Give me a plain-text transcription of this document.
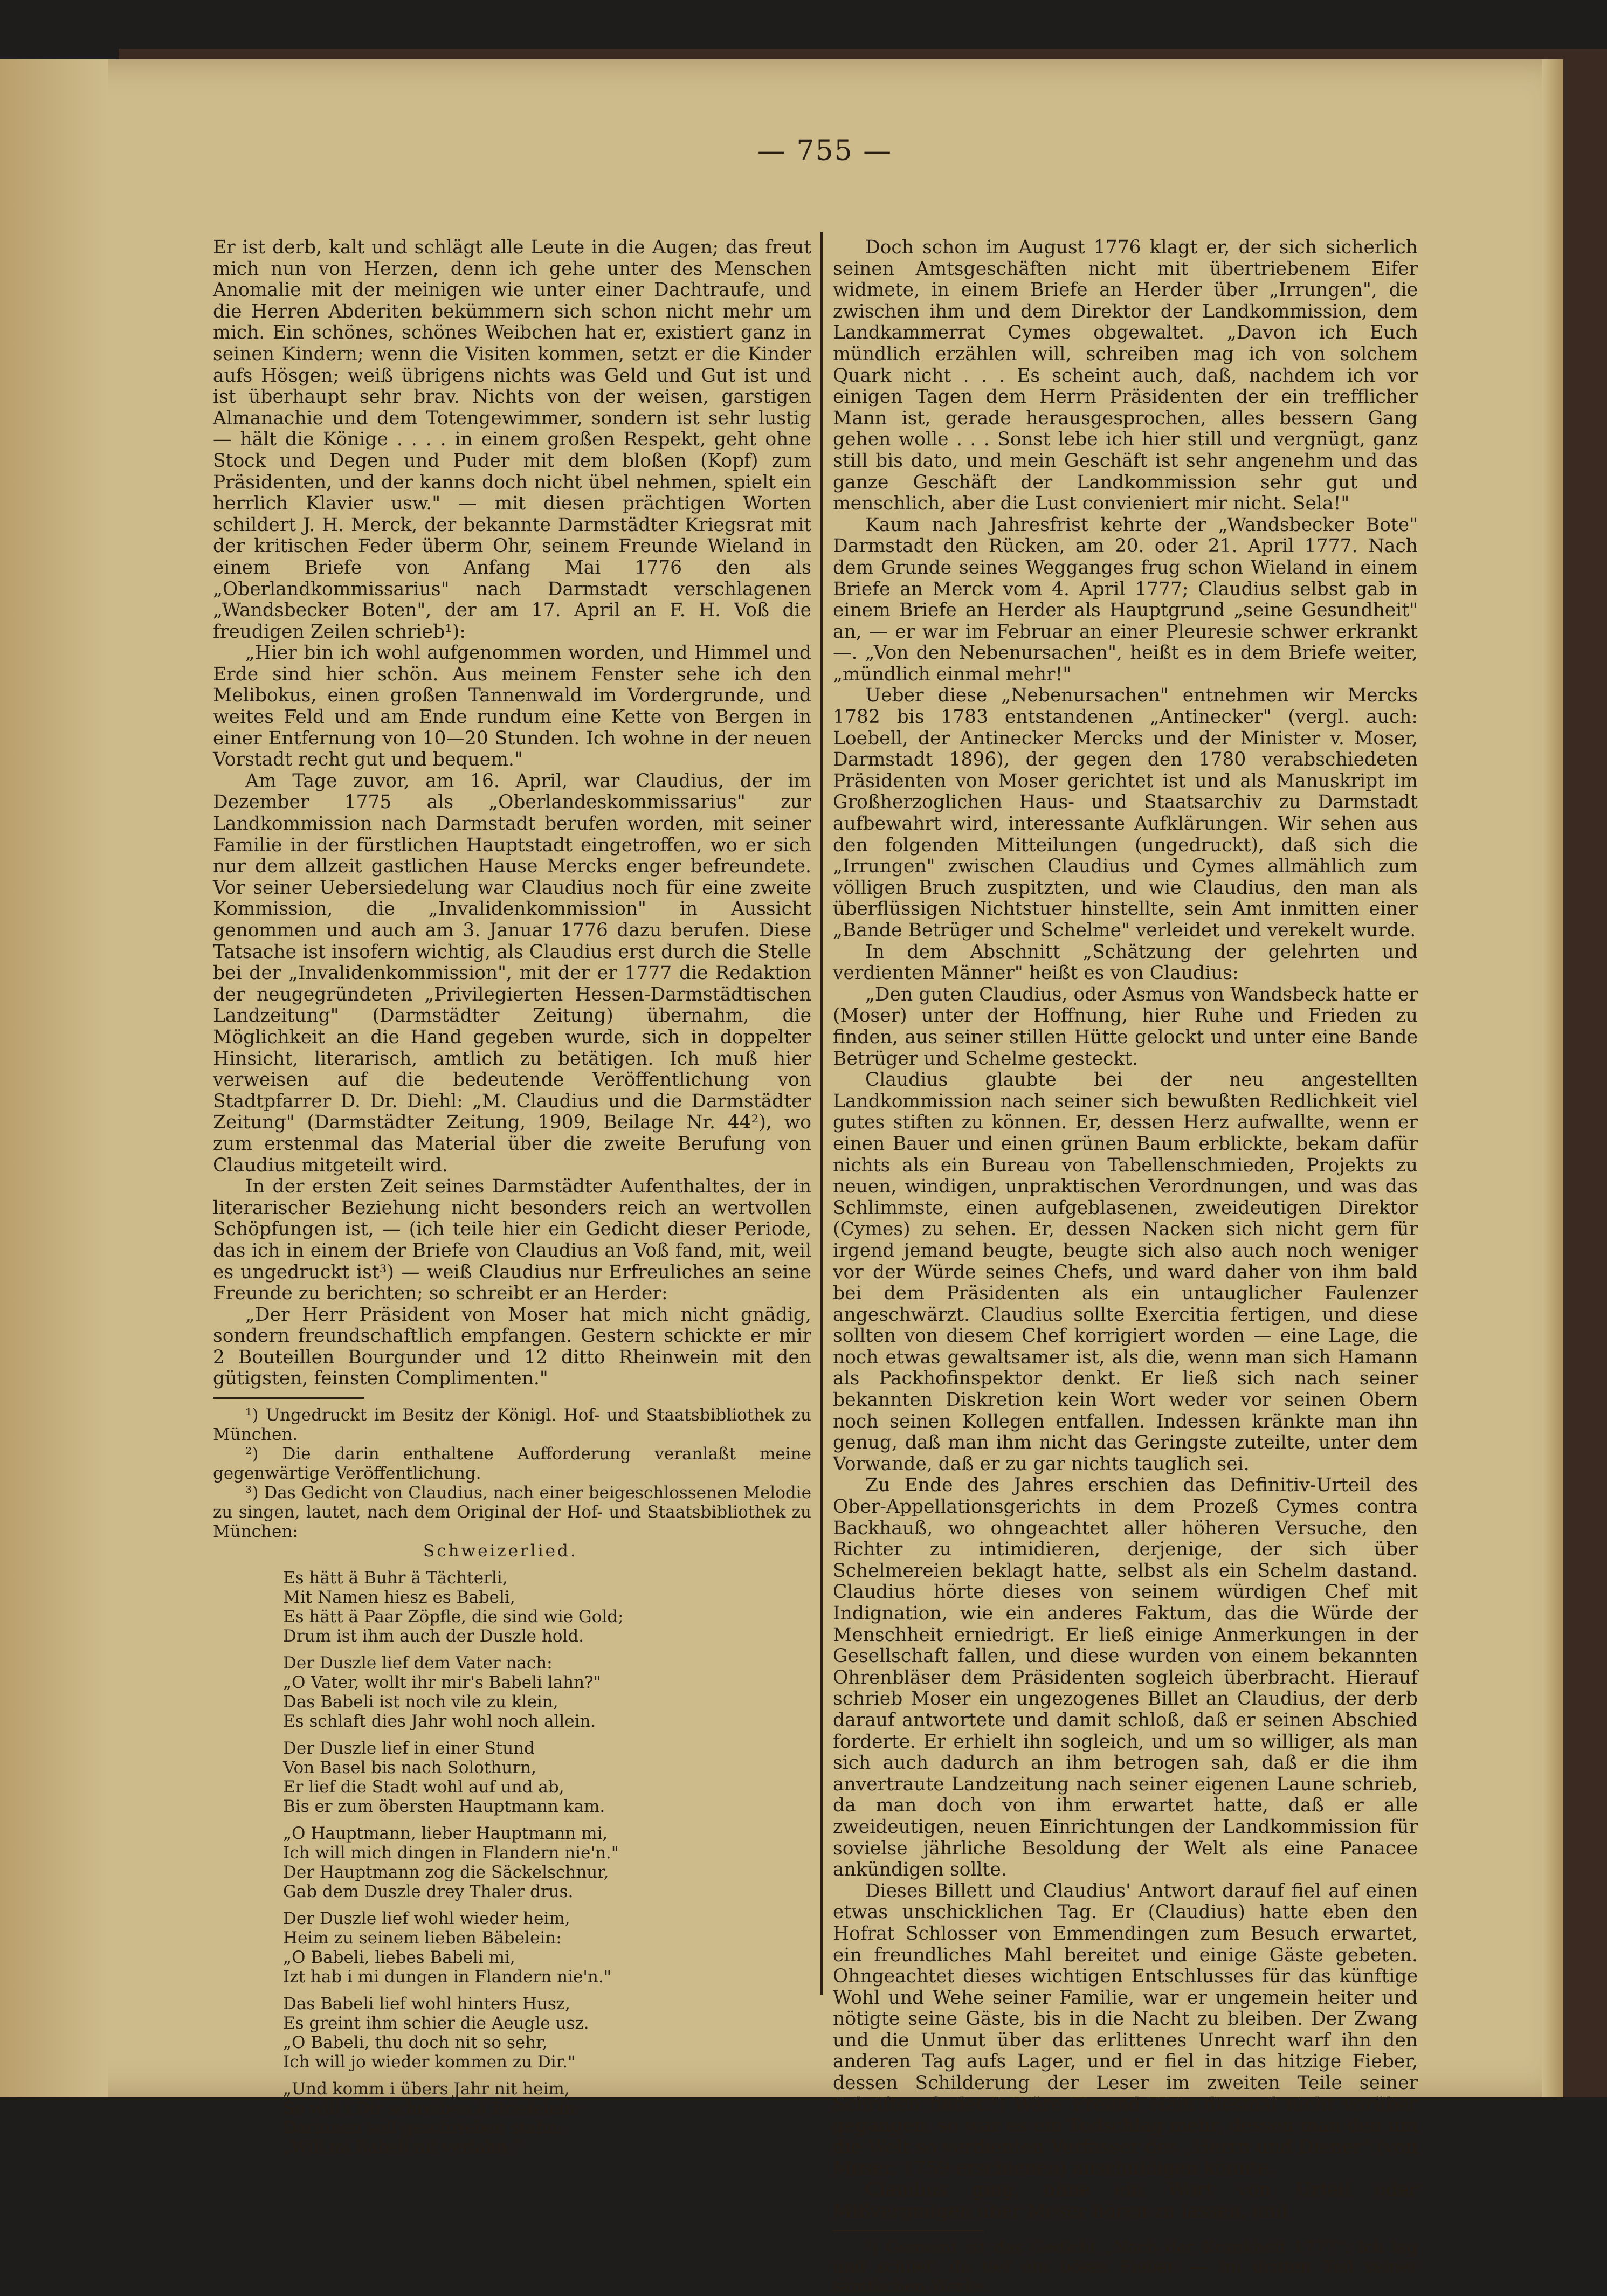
— 755 —

Er ist derb, kalt und schlägt alle Leute in die Augen; das freut mich nun von Herzen, denn ich gehe unter des Menschen Anomalie mit der meinigen wie unter einer Dachtraufe, und die Herren Abderiten bekümmern sich schon nicht mehr um mich. Ein schönes, schönes Weibchen hat er, existiert ganz in seinen Kindern; wenn die Visiten kommen, setzt er die Kinder aufs Hösgen; weiß übrigens nichts was Geld und Gut ist und ist überhaupt sehr brav. Nichts von der weisen, garstigen Almanachie und dem Totengewimmer, sondern ist sehr lustig — hält die Könige . . . . in einem großen Respekt, geht ohne Stock und Degen und Puder mit dem bloßen (Kopf) zum Präsidenten, und der kanns doch nicht übel nehmen, spielt ein herrlich Klavier usw." — mit diesen prächtigen Worten schildert J. H. Merck, der bekannte Darmstädter Kriegsrat mit der kritischen Feder überm Ohr, seinem Freunde Wieland in einem Briefe von Anfang Mai 1776 den als „Oberlandkommissarius" nach Darmstadt verschlagenen „Wandsbecker Boten", der am 17. April an F. H. Voß die freudigen Zeilen schrieb¹):

„Hier bin ich wohl aufgenommen worden, und Himmel und Erde sind hier schön. Aus meinem Fenster sehe ich den Melibokus, einen großen Tannenwald im Vordergrunde, und weites Feld und am Ende rundum eine Kette von Bergen in einer Entfernung von 10—20 Stunden. Ich wohne in der neuen Vorstadt recht gut und bequem."

Am Tage zuvor, am 16. April, war Claudius, der im Dezember 1775 als „Oberlandeskommissarius" zur Landkommission nach Darmstadt berufen worden, mit seiner Familie in der fürstlichen Hauptstadt eingetroffen, wo er sich nur dem allzeit gastlichen Hause Mercks enger befreundete. Vor seiner Uebersiedelung war Claudius noch für eine zweite Kommission, die „Invalidenkommission" in Aussicht genommen und auch am 3. Januar 1776 dazu berufen. Diese Tatsache ist insofern wichtig, als Claudius erst durch die Stelle bei der „Invalidenkommission", mit der er 1777 die Redaktion der neugegründeten „Privilegierten Hessen-Darmstädtischen Landzeitung" (Darmstädter Zeitung) übernahm, die Möglichkeit an die Hand gegeben wurde, sich in doppelter Hinsicht, literarisch, amtlich zu betätigen. Ich muß hier verweisen auf die bedeutende Veröffentlichung von Stadtpfarrer D. Dr. Diehl: „M. Claudius und die Darmstädter Zeitung" (Darmstädter Zeitung, 1909, Beilage Nr. 44²), wo zum erstenmal das Material über die zweite Berufung von Claudius mitgeteilt wird.

In der ersten Zeit seines Darmstädter Aufenthaltes, der in literarischer Beziehung nicht besonders reich an wertvollen Schöpfungen ist, — (ich teile hier ein Gedicht dieser Periode, das ich in einem der Briefe von Claudius an Voß fand, mit, weil es ungedruckt ist³) — weiß Claudius nur Erfreuliches an seine Freunde zu berichten; so schreibt er an Herder:

„Der Herr Präsident von Moser hat mich nicht gnädig, sondern freundschaftlich empfangen. Gestern schickte er mir 2 Bouteillen Bourgunder und 12 ditto Rheinwein mit den gütigsten, feinsten Complimenten."

¹) Ungedruckt im Besitz der Königl. Hof- und Staatsbibliothek zu München.

²) Die darin enthaltene Aufforderung veranlaßt meine gegenwärtige Veröffentlichung.

³) Das Gedicht von Claudius, nach einer beigeschlossenen Melodie zu singen, lautet, nach dem Original der Hof- und Staatsbibliothek zu München:

Schweizerlied.
Es hätt ä Buhr ä Tächterli,
Mit Namen hiesz es Babeli,
Es hätt ä Paar Zöpfle, die sind wie Gold;
Drum ist ihm auch der Duszle hold.
Der Duszle lief dem Vater nach:
„O Vater, wollt ihr mir's Babeli lahn?"
Das Babeli ist noch vile zu klein,
Es schlaft dies Jahr wohl noch allein.
Der Duszle lief in einer Stund
Von Basel bis nach Solothurn,
Er lief die Stadt wohl auf und ab,
Bis er zum öbersten Hauptmann kam.
„O Hauptmann, lieber Hauptmann mi,
Ich will mich dingen in Flandern nie'n."
Der Hauptmann zog die Säckelschnur,
Gab dem Duszle drey Thaler drus.
Der Duszle lief wohl wieder heim,
Heim zu seinem lieben Bäbelein:
„O Babeli, liebes Babeli mi,
Izt hab i mi dungen in Flandern nie'n."
Das Babeli lief wohl hinters Husz,
Es greint ihm schier die Aeugle usz.
„O Babeli, thu doch nit so sehr,
Ich will jo wieder kommen zu Dir."
„Und komm i übers Jahr nit heim,
So will i Dir schreiben ä Briefelein;
Darinnen soll geschrieben stahn:
„Will mi Babeli nit verlahn."

Doch schon im August 1776 klagt er, der sich sicherlich seinen Amtsgeschäften nicht mit übertriebenem Eifer widmete, in einem Briefe an Herder über „Irrungen", die zwischen ihm und dem Direktor der Landkommission, dem Landkammerrat Cymes obgewaltet. „Davon ich Euch mündlich erzählen will, schreiben mag ich von solchem Quark nicht . . . Es scheint auch, daß, nachdem ich vor einigen Tagen dem Herrn Präsidenten der ein trefflicher Mann ist, gerade herausgesprochen, alles bessern Gang gehen wolle . . . Sonst lebe ich hier still und vergnügt, ganz still bis dato, und mein Geschäft ist sehr angenehm und das ganze Geschäft der Landkommission sehr gut und menschlich, aber die Lust convieniert mir nicht. Sela!"

Kaum nach Jahresfrist kehrte der „Wandsbecker Bote" Darmstadt den Rücken, am 20. oder 21. April 1777. Nach dem Grunde seines Wegganges frug schon Wieland in einem Briefe an Merck vom 4. April 1777; Claudius selbst gab in einem Briefe an Herder als Hauptgrund „seine Gesundheit" an, — er war im Februar an einer Pleuresie schwer erkrankt —. „Von den Nebenursachen", heißt es in dem Briefe weiter, „mündlich einmal mehr!"

Ueber diese „Nebenursachen" entnehmen wir Mercks 1782 bis 1783 entstandenen „Antinecker" (vergl. auch: Loebell, der Antinecker Mercks und der Minister v. Moser, Darmstadt 1896), der gegen den 1780 verabschiedeten Präsidenten von Moser gerichtet ist und als Manuskript im Großherzoglichen Haus- und Staatsarchiv zu Darmstadt aufbewahrt wird, interessante Aufklärungen. Wir sehen aus den folgenden Mitteilungen (ungedruckt), daß sich die „Irrungen" zwischen Claudius und Cymes allmählich zum völligen Bruch zuspitzten, und wie Claudius, den man als überflüssigen Nichtstuer hinstellte, sein Amt inmitten einer „Bande Betrüger und Schelme" verleidet und verekelt wurde.

In dem Abschnitt „Schätzung der gelehrten und verdienten Männer" heißt es von Claudius:

„Den guten Claudius, oder Asmus von Wandsbeck hatte er (Moser) unter der Hoffnung, hier Ruhe und Frieden zu finden, aus seiner stillen Hütte gelockt und unter eine Bande Betrüger und Schelme gesteckt.

Claudius glaubte bei der neu angestellten Landkommission nach seiner sich bewußten Redlichkeit viel gutes stiften zu können. Er, dessen Herz aufwallte, wenn er einen Bauer und einen grünen Baum erblickte, bekam dafür nichts als ein Bureau von Tabellenschmieden, Projekts zu neuen, windigen, unpraktischen Verordnungen, und was das Schlimmste, einen aufgeblasenen, zweideutigen Direktor (Cymes) zu sehen. Er, dessen Nacken sich nicht gern für irgend jemand beugte, beugte sich also auch noch weniger vor der Würde seines Chefs, und ward daher von ihm bald bei dem Präsidenten als ein untauglicher Faulenzer angeschwärzt. Claudius sollte Exercitia fertigen, und diese sollten von diesem Chef korrigiert worden — eine Lage, die noch etwas gewaltsamer ist, als die, wenn man sich Hamann als Packhofinspektor denkt. Er ließ sich nach seiner bekannten Diskretion kein Wort weder vor seinen Obern noch seinen Kollegen entfallen. Indessen kränkte man ihn genug, daß man ihm nicht das Geringste zuteilte, unter dem Vorwande, daß er zu gar nichts tauglich sei.

Zu Ende des Jahres erschien das Definitiv-Urteil des Ober-Appellationsgerichts in dem Prozeß Cymes contra Backhauß, wo ohngeachtet aller höheren Versuche, den Richter zu intimidieren, derjenige, der sich über Schelmereien beklagt hatte, selbst als ein Schelm dastand. Claudius hörte dieses von seinem würdigen Chef mit Indignation, wie ein anderes Faktum, das die Würde der Menschheit erniedrigt. Er ließ einige Anmerkungen in der Gesellschaft fallen, und diese wurden von einem bekannten Ohrenbläser dem Präsidenten sogleich überbracht. Hierauf schrieb Moser ein ungezogenes Billet an Claudius, der derb darauf antwortete und damit schloß, daß er seinen Abschied forderte. Er erhielt ihn sogleich, und um so williger, als man sich auch dadurch an ihm betrogen sah, daß er die ihm anvertraute Landzeitung nach seiner eigenen Laune schrieb, da man doch von ihm erwartet hatte, daß er alle zweideutigen, neuen Einrichtungen der Landkommission für sovielse jährliche Besoldung der Welt als eine Panacee ankündigen sollte.

Dieses Billett und Claudius' Antwort darauf fiel auf einen etwas unschicklichen Tag. Er (Claudius) hatte eben den Hofrat Schlosser von Emmendingen zum Besuch erwartet, ein freundliches Mahl bereitet und einige Gäste gebeten. Ohngeachtet dieses wichtigen Entschlusses für das künftige Wohl und Wehe seiner Familie, war er ungemein heiter und nötigte seine Gäste, bis in die Nacht zu bleiben. Der Zwang und die Unmut über das erlittenes Unrecht warf ihn den anderen Tag aufs Lager, und er fiel in das hitzige Fieber, dessen Schilderung der Leser im zweiten Teile seiner Schriften findet.⁴) Wäre Freund Hain diesmal nicht vorüber gegangen, so war es ein Todschlag mehr, dessen man den um die Welt so verdienten Verfasser des „Herrn und Diener" (von Moser, 1759 erschienen) anschuldigen könnte.

Claudius ging, ohne ein Wort von Urteil oder Mißvergnügen über Moser hören zu lassen, und

⁴) Gemeint ist das Gedicht „Nach der Krankheit 1777": Ich lag und schlief; da tief ein böses Fieber. — Im dritten Teil seiner sämtlichen Werke.
